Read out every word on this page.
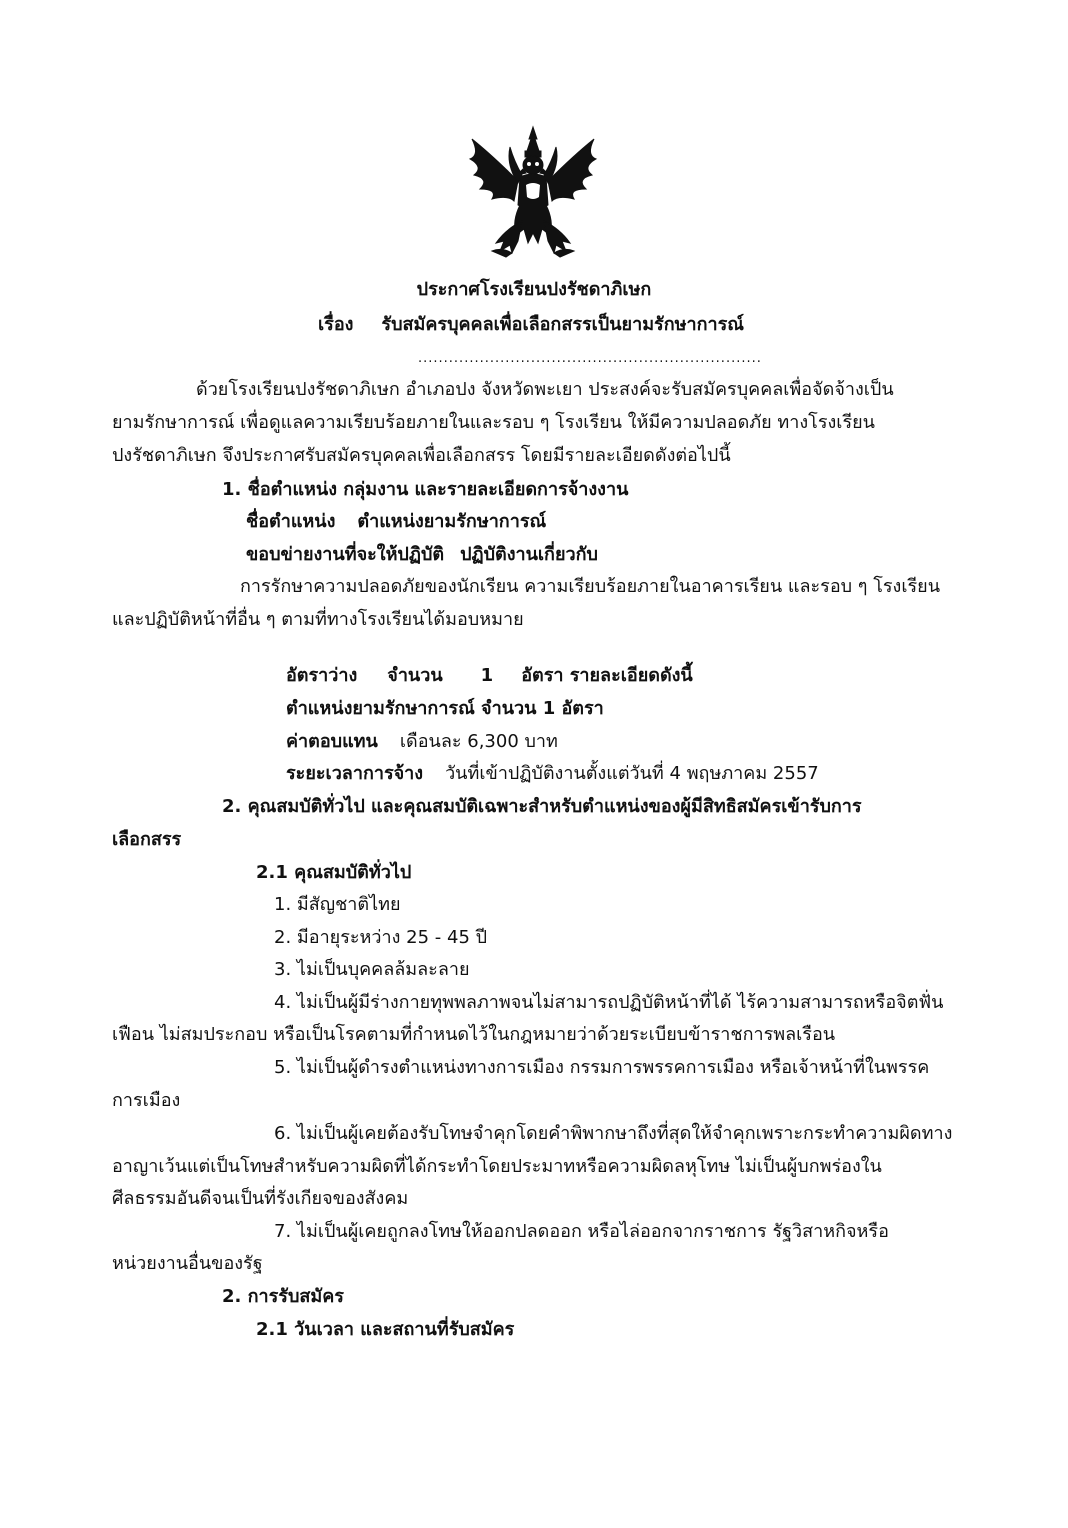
ประกาศโรงเรียนปงรัชดาภิเษก
เรื่อง รับสมัครบุคคลเพื่อเลือกสรรเป็นยามรักษาการณ์
...................................................................
ด้วยโรงเรียนปงรัชดาภิเษก อำเภอปง จังหวัดพะเยา ประสงค์จะรับสมัครบุคคลเพื่อจัดจ้างเป็น
ยามรักษาการณ์ เพื่อดูแลความเรียบร้อยภายในและรอบ ๆ โรงเรียน ให้มีความปลอดภัย ทางโรงเรียน
ปงรัชดาภิเษก จึงประกาศรับสมัครบุคคลเพื่อเลือกสรร โดยมีรายละเอียดดังต่อไปนี้
1. ชื่อตำแหน่ง กลุ่มงาน และรายละเอียดการจ้างงาน
ชื่อตำแหน่ง ตำแหน่งยามรักษาการณ์
ขอบข่ายงานที่จะให้ปฏิบัติ ปฏิบัติงานเกี่ยวกับ
การรักษาความปลอดภัยของนักเรียน ความเรียบร้อยภายในอาคารเรียน และรอบ ๆ โรงเรียน
และปฏิบัติหน้าที่อื่น ๆ ตามที่ทางโรงเรียนได้มอบหมาย
อัตราว่าง จำนวน 1 อัตรา รายละเอียดดังนี้
ตำแหน่งยามรักษาการณ์ จำนวน 1 อัตรา
ค่าตอบแทน เดือนละ 6,300 บาท
ระยะเวลาการจ้าง วันที่เข้าปฏิบัติงานตั้งแต่วันที่ 4 พฤษภาคม 2557
2. คุณสมบัติทั่วไป และคุณสมบัติเฉพาะสำหรับตำแหน่งของผู้มีสิทธิสมัครเข้ารับการ
เลือกสรร
2.1 คุณสมบัติทั่วไป
1. มีสัญชาติไทย
2. มีอายุระหว่าง 25 - 45 ปี
3. ไม่เป็นบุคคลล้มละลาย
4. ไม่เป็นผู้มีร่างกายทุพพลภาพจนไม่สามารถปฏิบัติหน้าที่ได้ ไร้ความสามารถหรือจิตฟั่น
เฟือน ไม่สมประกอบ หรือเป็นโรคตามที่กำหนดไว้ในกฎหมายว่าด้วยระเบียบข้าราชการพลเรือน
5. ไม่เป็นผู้ดำรงตำแหน่งทางการเมือง กรรมการพรรคการเมือง หรือเจ้าหน้าที่ในพรรค
การเมือง
6. ไม่เป็นผู้เคยต้องรับโทษจำคุกโดยคำพิพากษาถึงที่สุดให้จำคุกเพราะกระทำความผิดทาง
อาญาเว้นแต่เป็นโทษสำหรับความผิดที่ได้กระทำโดยประมาทหรือความผิดลหุโทษ ไม่เป็นผู้บกพร่องใน
ศีลธรรมอันดีจนเป็นที่รังเกียจของสังคม
7. ไม่เป็นผู้เคยถูกลงโทษให้ออกปลดออก หรือไล่ออกจากราชการ รัฐวิสาหกิจหรือ
หน่วยงานอื่นของรัฐ
2. การรับสมัคร
2.1 วันเวลา และสถานที่รับสมัคร
